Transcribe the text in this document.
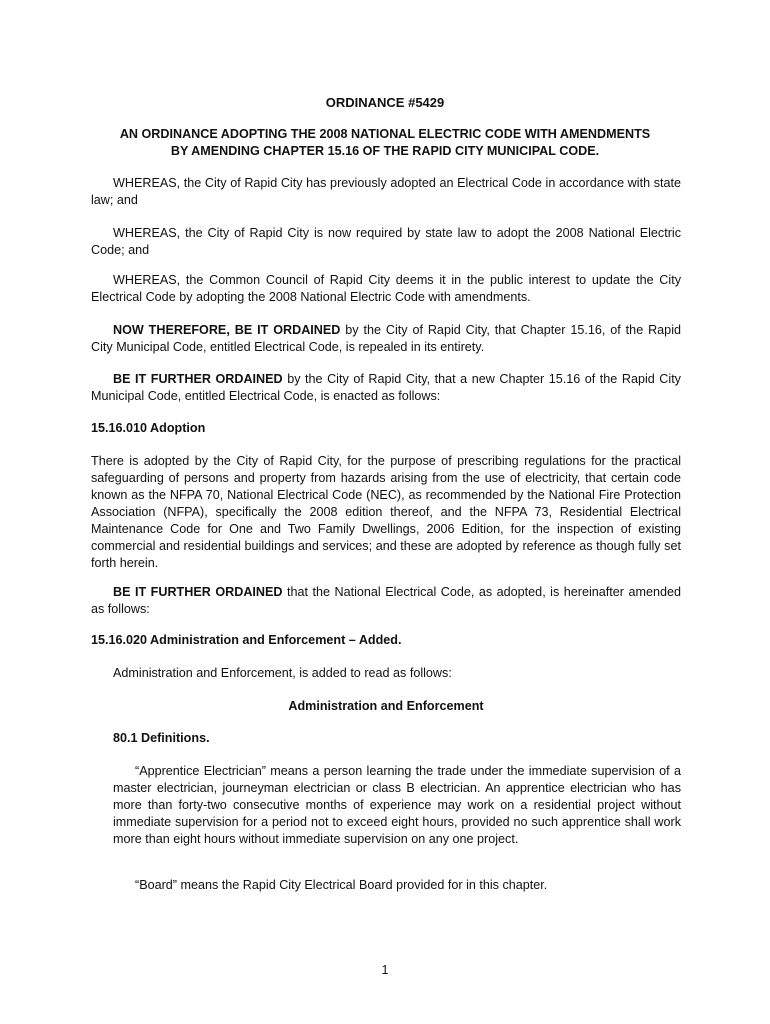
ORDINANCE #5429
AN ORDINANCE ADOPTING THE 2008 NATIONAL ELECTRIC CODE WITH AMENDMENTS
BY AMENDING CHAPTER 15.16 OF THE RAPID CITY MUNICIPAL CODE.

WHEREAS, the City of Rapid City has previously adopted an Electrical Code in accordance with state law; and

WHEREAS, the City of Rapid City is now required by state law to adopt the 2008 National Electric Code; and

WHEREAS, the Common Council of Rapid City deems it in the public interest to update the City Electrical Code by adopting the 2008 National Electric Code with amendments.

NOW THEREFORE, BE IT ORDAINED by the City of Rapid City, that Chapter 15.16, of the Rapid City Municipal Code, entitled Electrical Code, is repealed in its entirety.

BE IT FURTHER ORDAINED by the City of Rapid City, that a new Chapter 15.16 of the Rapid City Municipal Code, entitled Electrical Code, is enacted as follows:

15.16.010 Adoption

There is adopted by the City of Rapid City, for the purpose of prescribing regulations for the practical safeguarding of persons and property from hazards arising from the use of electricity, that certain code known as the NFPA 70, National Electrical Code (NEC), as recommended by the National Fire Protection Association (NFPA), specifically the 2008 edition thereof, and the NFPA 73, Residential Electrical Maintenance Code for One and Two Family Dwellings, 2006 Edition, for the inspection of existing commercial and residential buildings and services; and these are adopted by reference as though fully set forth herein.

BE IT FURTHER ORDAINED that the National Electrical Code, as adopted, is hereinafter amended as follows:

15.16.020 Administration and Enforcement – Added.

Administration and Enforcement, is added to read as follows:

Administration and Enforcement

80.1 Definitions.

“Apprentice Electrician” means a person learning the trade under the immediate supervision of a master electrician, journeyman electrician or class B electrician. An apprentice electrician who has more than forty-two consecutive months of experience may work on a residential project without immediate supervision for a period not to exceed eight hours, provided no such apprentice shall work more than eight hours without immediate supervision on any one project.

“Board” means the Rapid City Electrical Board provided for in this chapter.

1
